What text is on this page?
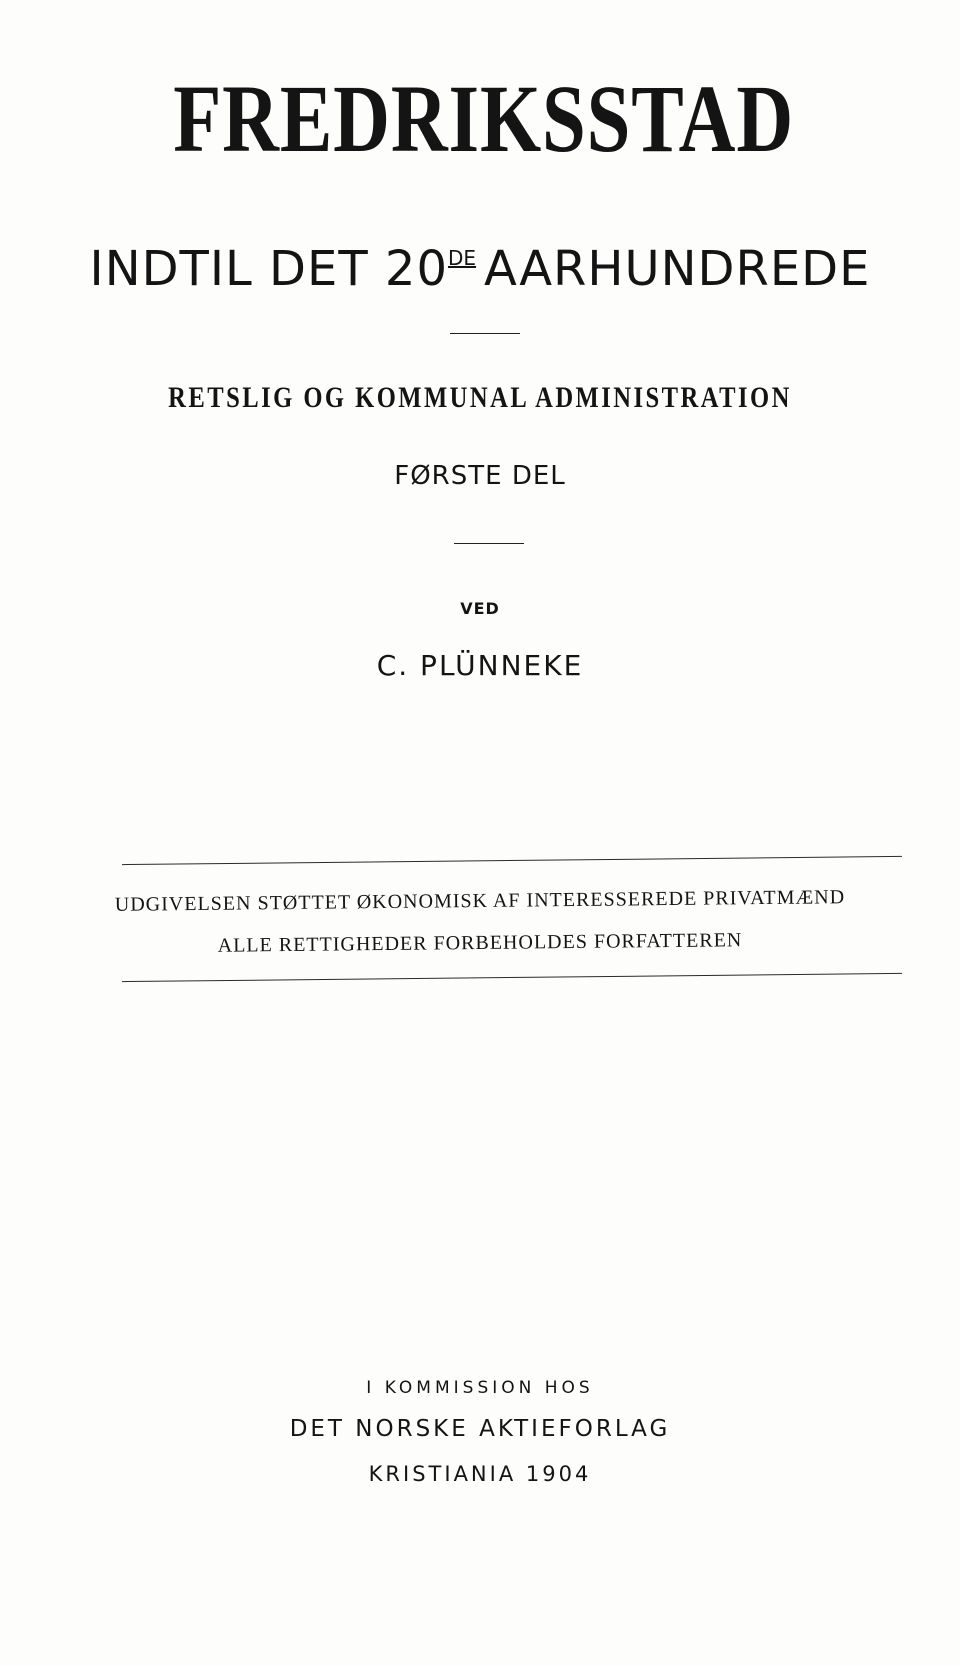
FREDRIKSSTAD
INDTIL DET 20DE AARHUNDREDE
RETSLIG OG KOMMUNAL ADMINISTRATION
FØRSTE DEL
VED
C. PLÜNNEKE
UDGIVELSEN STØTTET ØKONOMISK AF INTERESSEREDE PRIVATMÆND
ALLE RETTIGHEDER FORBEHOLDES FORFATTEREN
I KOMMISSION HOS
DET NORSKE AKTIEFORLAG
KRISTIANIA 1904
